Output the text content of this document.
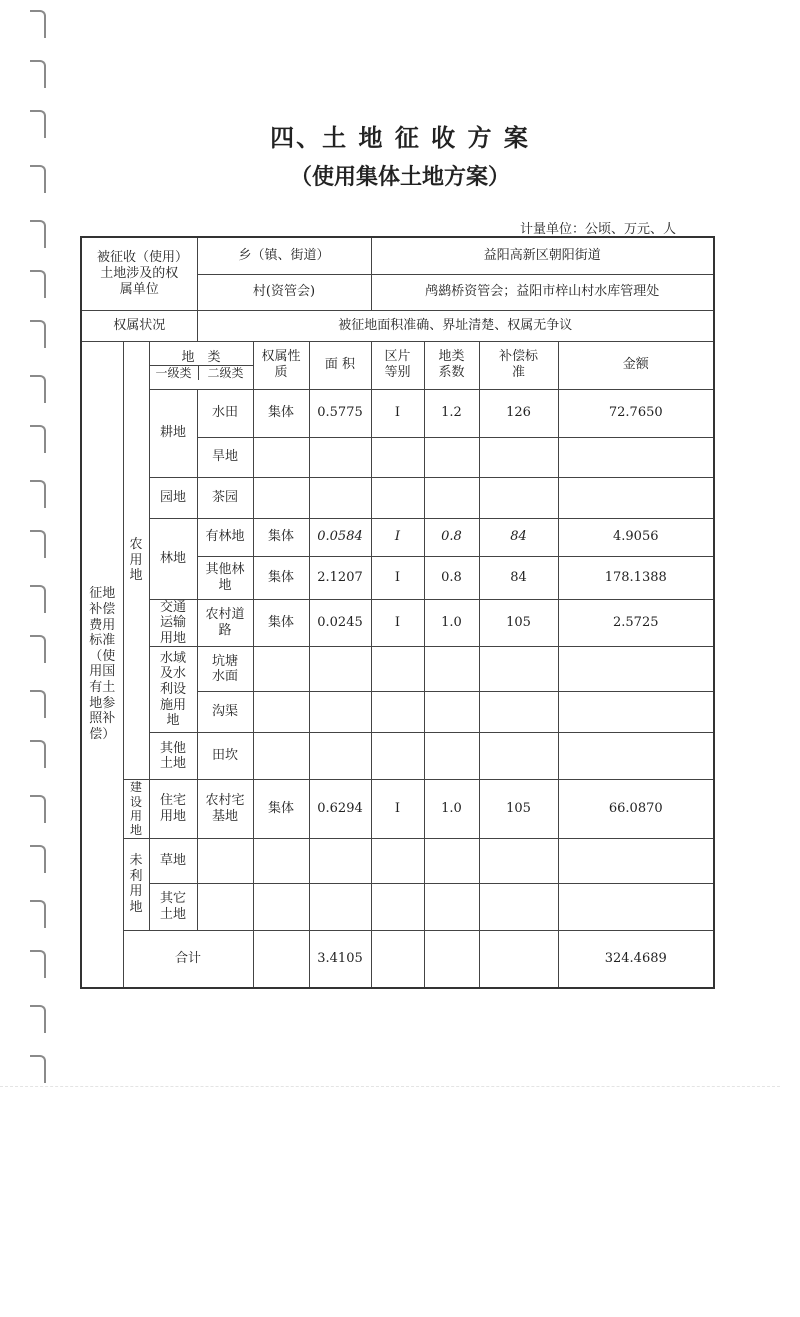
四、土 地 征 收 方 案
（使用集体土地方案）
计量单位：公顷、万元、人
被征收（使用）土地涉及的权属单位			乡（镇、街道）			益阳高新区朝阳街道			
			村(资管会)			鸬鹚桥资管会；益阳市梓山村水库管理处			
权属状况			被征地面积准确、界址清楚、权属无争议						
征地补偿费用标准（使用国有土地参照补偿）	农用地	地　类
一级类 二级类		权属性质	面 积	区片等别	地类系数	补偿标准	金额
		耕地	水田	集体	0.5775	I	1.2	126	72.7650
			旱地						
		园地	茶园						
		林地	有林地	集体	0.0584	I	0.8	84	4.9056
			其他林地	集体	2.1207	I	0.8	84	178.1388
		交通运输用地	农村道路	集体	0.0245	I	1.0	105	2.5725
		水域及水利设施用地	坑塘水面						
			沟渠						
		其他土地	田坎						
	建设用地	住宅用地	农村宅基地	集体	0.6294	I	1.0	105	66.0870
	未利用地	草地							
		其它土地							
	合计				3.4105				324.4689
